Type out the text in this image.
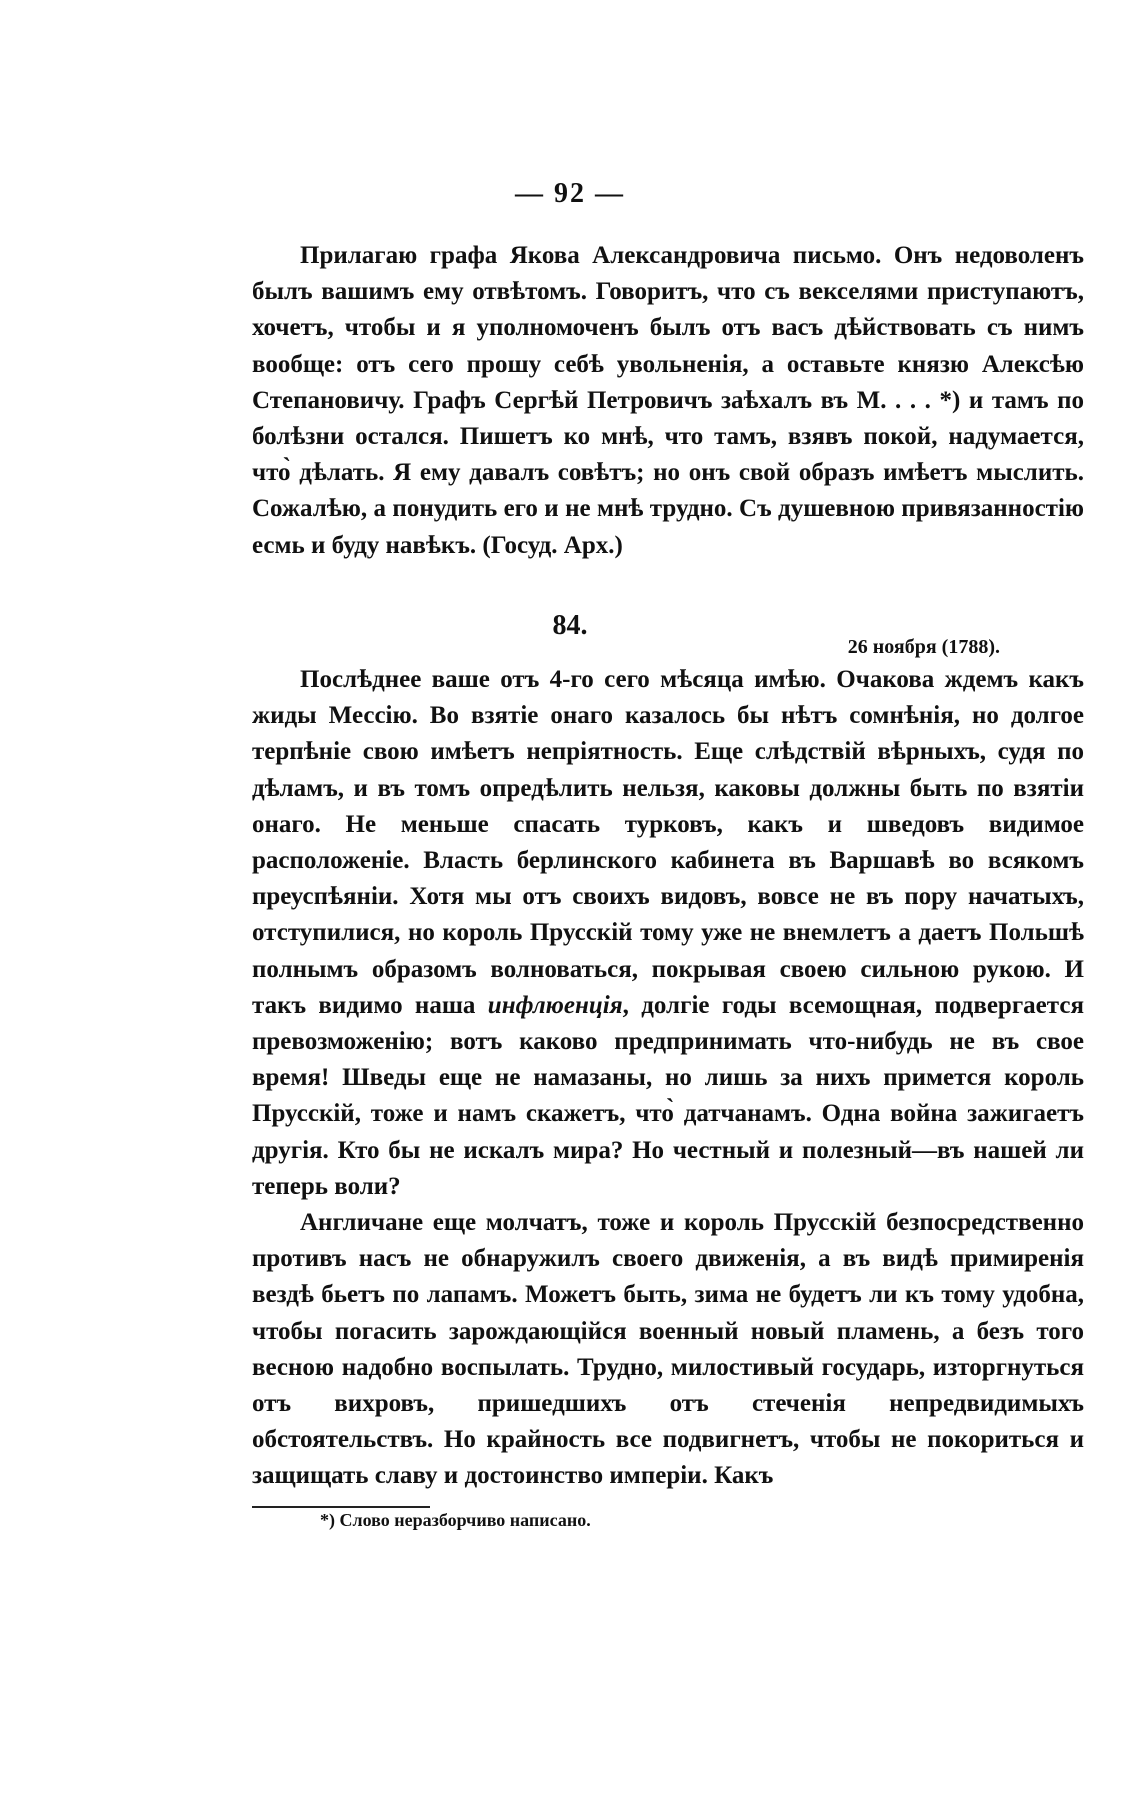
— 92 —

Прилагаю графа Якова Александровича письмо. Онъ недоволенъ былъ вашимъ ему отвѣтомъ. Говоритъ, что съ векселями приступаютъ, хочетъ, чтобы и я уполномоченъ былъ отъ васъ дѣйствовать съ нимъ вообще: отъ сего прошу себѣ увольненія, а оставьте князю Алексѣю Степановичу. Графъ Сергѣй Петровичъ заѣхалъ въ М. . . . *) и тамъ по болѣзни остался. Пишетъ ко мнѣ, что тамъ, взявъ покой, надумается, что̀ дѣлать. Я ему давалъ совѣтъ; но онъ свой образъ имѣетъ мыслить. Сожалѣю, а понудить его и не мнѣ трудно. Съ душевною привязанностію есмь и буду навѣкъ. (Госуд. Арх.)

84.
26 ноября (1788).

Послѣднее ваше отъ 4-го сего мѣсяца имѣю. Очакова ждемъ какъ жиды Мессію. Во взятіе онаго казалось бы нѣтъ сомнѣнія, но долгое терпѣніе свою имѣетъ непріятность. Еще слѣдствій вѣрныхъ, судя по дѣламъ, и въ томъ опредѣлить нельзя, каковы должны быть по взятіи онаго. Не меньше спасать турковъ, какъ и шведовъ видимое расположеніе. Власть берлинского кабинета въ Варшавѣ во всякомъ преуспѣяніи. Хотя мы отъ своихъ видовъ, вовсе не въ пору начатыхъ, отступилися, но король Прусскій тому уже не внемлетъ а даетъ Польшѣ полнымъ образомъ волноваться, покрывая своею сильною рукою. И такъ видимо наша инфлюенція, долгіе годы всемощная, подвергается превозможенію; вотъ каково предпринимать что-нибудь не въ свое время! Шведы еще не намазаны, но лишь за нихъ примется король Прусскій, тоже и намъ скажетъ, что̀ датчанамъ. Одна война зажигаетъ другія. Кто бы не искалъ мира? Но честный и полезный—въ нашей ли теперь воли?

Англичане еще молчатъ, тоже и король Прусскій безпосредственно противъ насъ не обнаружилъ своего движенія, а въ видѣ примиренія вездѣ бьетъ по лапамъ. Можетъ быть, зима не будетъ ли къ тому удобна, чтобы погасить зарождающійся военный новый пламень, а безъ того весною надобно воспылать. Трудно, милостивый государь, изторгнуться отъ вихровъ, пришедшихъ отъ стеченія непредвидимыхъ обстоятельствъ. Но крайность все подвигнетъ, чтобы не покориться и защищать славу и достоинство имперіи. Какъ

*) Слово неразборчиво написано.
